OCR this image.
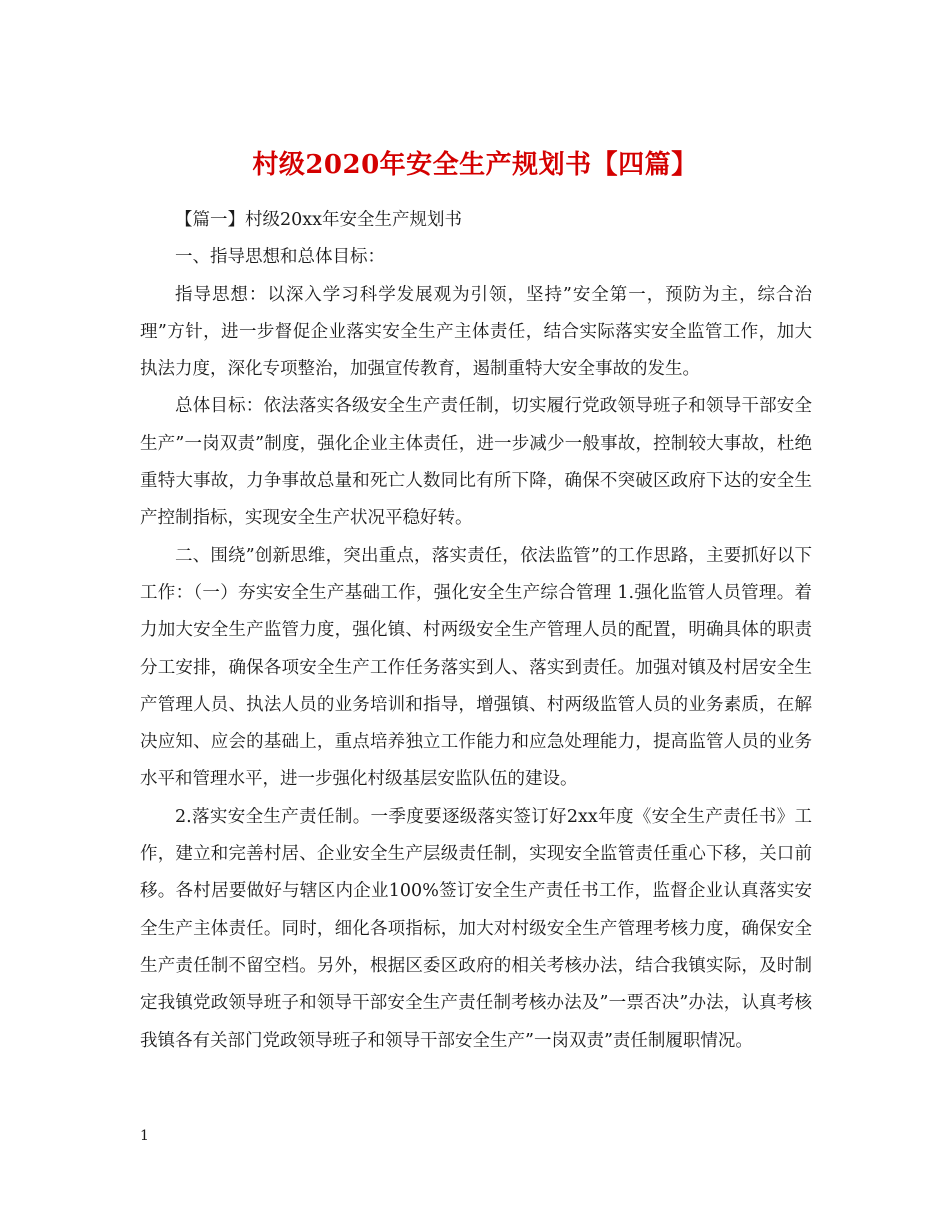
村级2020年安全生产规划书【四篇】

【篇一】村级20xx年安全生产规划书

一、指导思想和总体目标：

指导思想：以深入学习科学发展观为引领，坚持”安全第一，预防为主，综合治理”方针，进一步督促企业落实安全生产主体责任，结合实际落实安全监管工作，加大执法力度，深化专项整治，加强宣传教育，遏制重特大安全事故的发生。

总体目标：依法落实各级安全生产责任制，切实履行党政领导班子和领导干部安全生产”一岗双责”制度，强化企业主体责任，进一步减少一般事故，控制较大事故，杜绝重特大事故，力争事故总量和死亡人数同比有所下降，确保不突破区政府下达的安全生产控制指标，实现安全生产状况平稳好转。

二、围绕”创新思维，突出重点，落实责任，依法监管”的工作思路，主要抓好以下工作：（一）夯实安全生产基础工作，强化安全生产综合管理 1.强化监管人员管理。着力加大安全生产监管力度，强化镇、村两级安全生产管理人员的配置，明确具体的职责分工安排，确保各项安全生产工作任务落实到人、落实到责任。加强对镇及村居安全生产管理人员、执法人员的业务培训和指导，增强镇、村两级监管人员的业务素质，在解决应知、应会的基础上，重点培养独立工作能力和应急处理能力，提高监管人员的业务水平和管理水平，进一步强化村级基层安监队伍的建设。

2.落实安全生产责任制。一季度要逐级落实签订好2xx年度《安全生产责任书》工作，建立和完善村居、企业安全生产层级责任制，实现安全监管责任重心下移，关口前移。各村居要做好与辖区内企业100%签订安全生产责任书工作，监督企业认真落实安全生产主体责任。同时，细化各项指标，加大对村级安全生产管理考核力度，确保安全生产责任制不留空档。另外，根据区委区政府的相关考核办法，结合我镇实际，及时制定我镇党政领导班子和领导干部安全生产责任制考核办法及”一票否决”办法，认真考核我镇各有关部门党政领导班子和领导干部安全生产”一岗双责”责任制履职情况。

1
